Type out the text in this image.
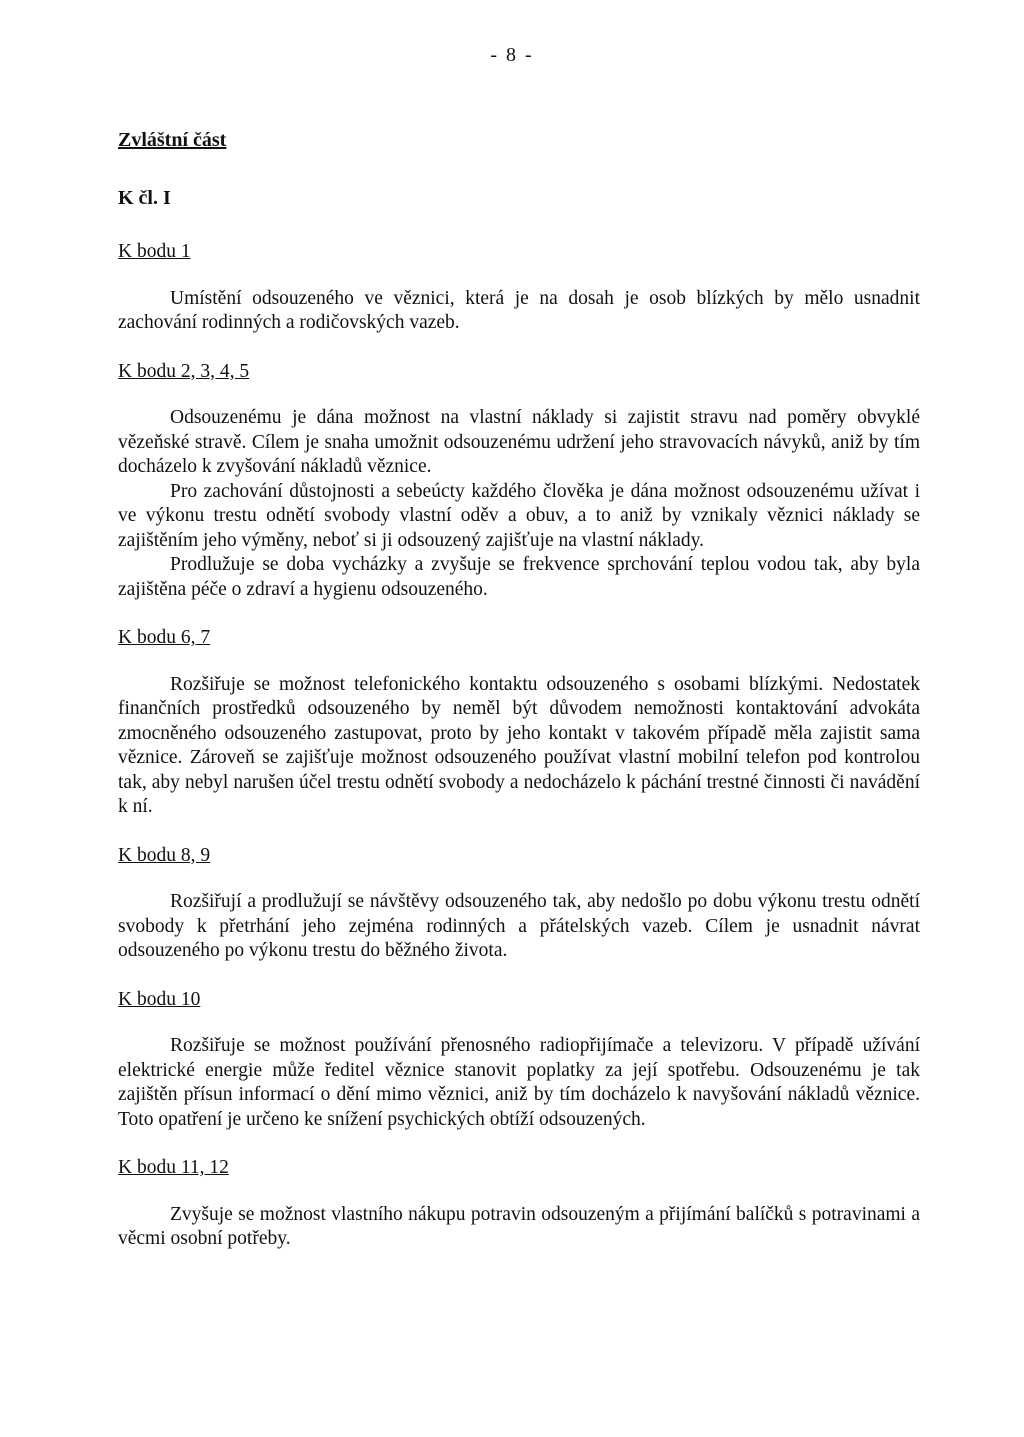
- 8 -
Zvláštní část
K čl. I
K bodu 1

Umístění odsouzeného ve věznici, která je na dosah je osob blízkých by mělo usnadnit zachování rodinných a rodičovských vazeb.

K bodu 2, 3, 4, 5

Odsouzenému je dána možnost na vlastní náklady si zajistit stravu nad poměry obvyklé vězeňské stravě. Cílem je snaha umožnit odsouzenému udržení jeho stravovacích návyků, aniž by tím docházelo k zvyšování nákladů věznice.

Pro zachování důstojnosti a sebeúcty každého člověka je dána možnost odsouzenému užívat i ve výkonu trestu odnětí svobody vlastní oděv a obuv, a to aniž by vznikaly věznici náklady se zajištěním jeho výměny, neboť si ji odsouzený zajišťuje na vlastní náklady.

Prodlužuje se doba vycházky a zvyšuje se frekvence sprchování teplou vodou tak, aby byla zajištěna péče o zdraví a hygienu odsouzeného.

K bodu 6, 7

Rozšiřuje se možnost telefonického kontaktu odsouzeného s osobami blízkými. Nedostatek finančních prostředků odsouzeného by neměl být důvodem nemožnosti kontaktování advokáta zmocněného odsouzeného zastupovat, proto by jeho kontakt v takovém případě měla zajistit sama věznice. Zároveň se zajišťuje možnost odsouzeného používat vlastní mobilní telefon pod kontrolou tak, aby nebyl narušen účel trestu odnětí svobody a nedocházelo k páchání trestné činnosti či navádění k ní.

K bodu 8, 9

Rozšiřují a prodlužují se návštěvy odsouzeného tak, aby nedošlo po dobu výkonu trestu odnětí svobody k přetrhání jeho zejména rodinných a přátelských vazeb. Cílem je usnadnit návrat odsouzeného po výkonu trestu do běžného života.

K bodu 10

Rozšiřuje se možnost používání přenosného radiopřijímače a televizoru. V případě užívání elektrické energie může ředitel věznice stanovit poplatky za její spotřebu. Odsouzenému je tak zajištěn přísun informací o dění mimo věznici, aniž by tím docházelo k navyšování nákladů věznice. Toto opatření je určeno ke snížení psychických obtíží odsouzených.

K bodu 11, 12

Zvyšuje se možnost vlastního nákupu potravin odsouzeným a přijímání balíčků s potravinami a věcmi osobní potřeby.
